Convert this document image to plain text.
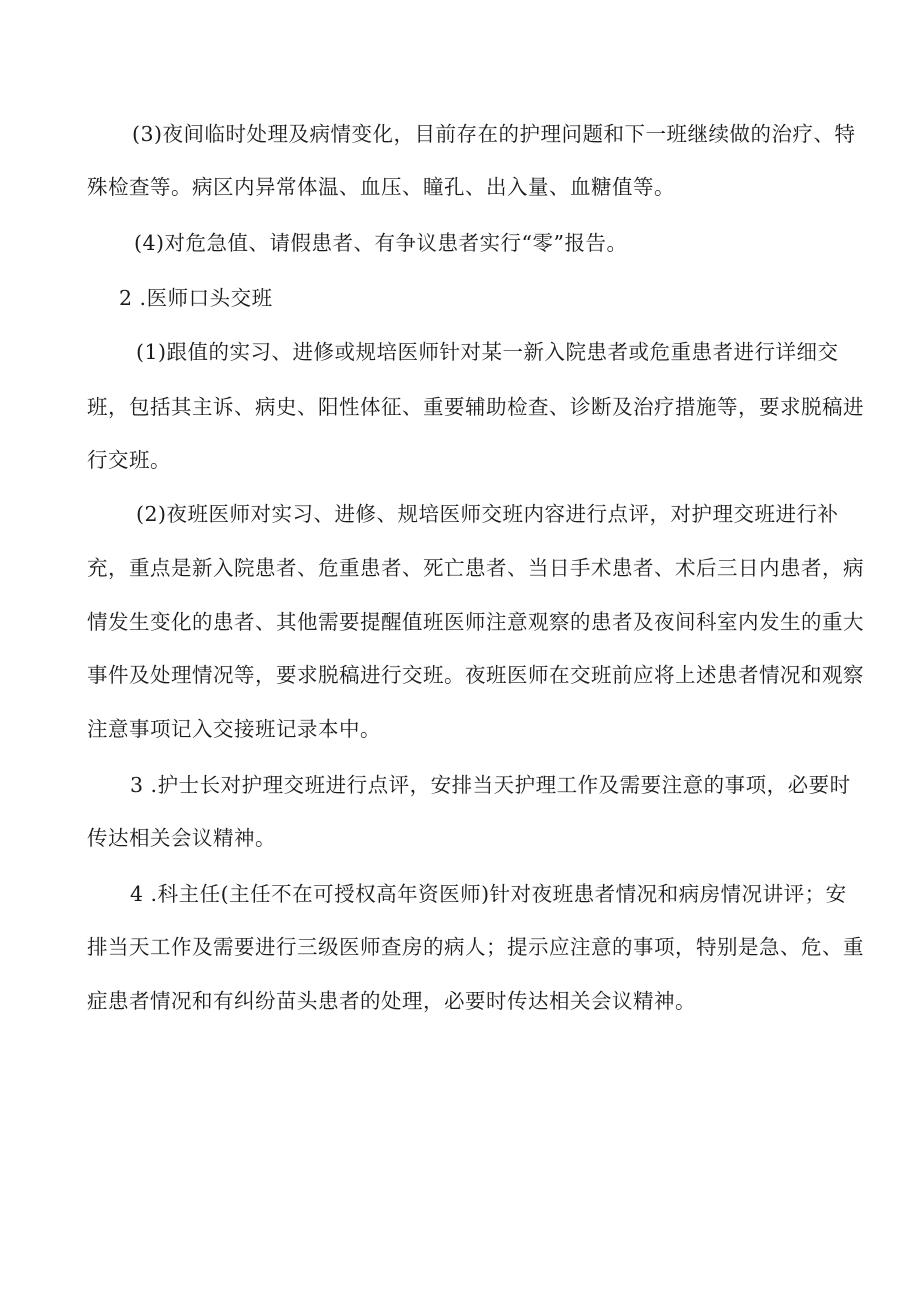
(3)夜间临时处理及病情变化，目前存在的护理问题和下一班继续做的治疗、特
殊检查等。病区内异常体温、血压、瞳孔、出入量、血糖值等。
(4)对危急值、请假患者、有争议患者实行“零”报告。
2 .医师口头交班
(1)跟值的实习、进修或规培医师针对某一新入院患者或危重患者进行详细交
班，包括其主诉、病史、阳性体征、重要辅助检查、诊断及治疗措施等，要求脱稿进
行交班。
(2)夜班医师对实习、进修、规培医师交班内容进行点评，对护理交班进行补
充，重点是新入院患者、危重患者、死亡患者、当日手术患者、术后三日内患者，病
情发生变化的患者、其他需要提醒值班医师注意观察的患者及夜间科室内发生的重大
事件及处理情况等，要求脱稿进行交班。夜班医师在交班前应将上述患者情况和观察
注意事项记入交接班记录本中。
3 .护士长对护理交班进行点评，安排当天护理工作及需要注意的事项，必要时
传达相关会议精神。
4 .科主任(主任不在可授权高年资医师)针对夜班患者情况和病房情况讲评；安
排当天工作及需要进行三级医师查房的病人；提示应注意的事项，特别是急、危、重
症患者情况和有纠纷苗头患者的处理，必要时传达相关会议精神。
